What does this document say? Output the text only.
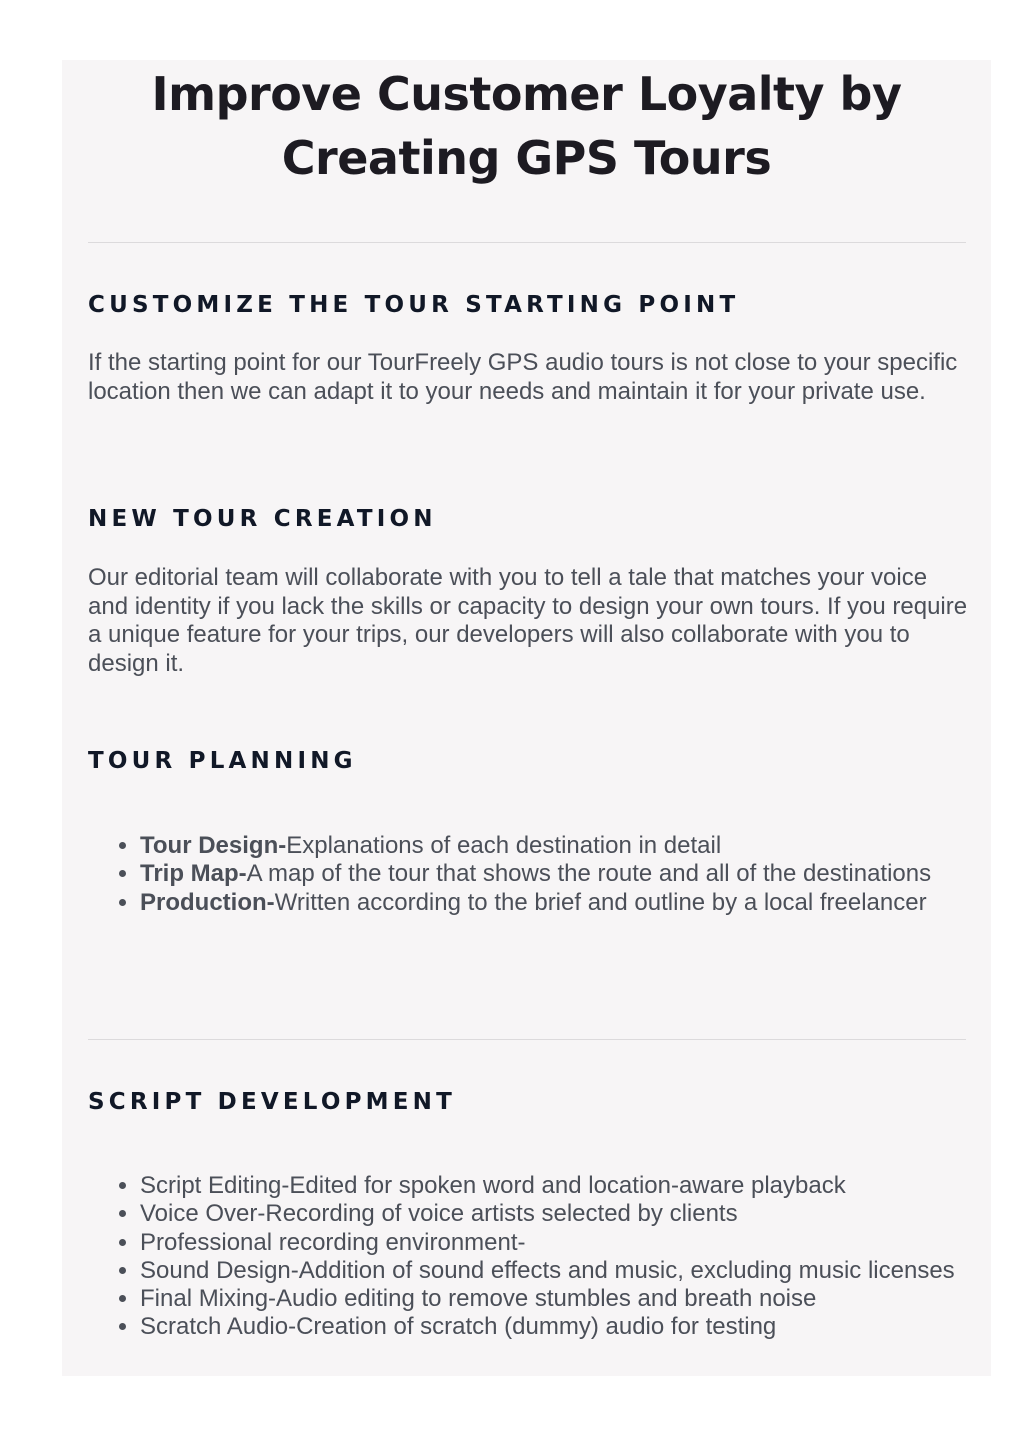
Improve Customer Loyalty by Creating GPS Tours
CUSTOMIZE THE TOUR STARTING POINT

If the starting point for our TourFreely GPS audio tours is not close to your specific location then we can adapt it to your needs and maintain it for your private use.

NEW TOUR CREATION

Our editorial team will collaborate with you to tell a tale that matches your voice and identity if you lack the skills or capacity to design your own tours. If you require a unique feature for your trips, our developers will also collaborate with you to design it.

TOUR PLANNING
• Tour Design-Explanations of each destination in detail
• Trip Map-A map of the tour that shows the route and all of the destinations
• Production-Written according to the brief and outline by a local freelancer
SCRIPT DEVELOPMENT
• Script Editing-Edited for spoken word and location-aware playback
• Voice Over-Recording of voice artists selected by clients
• Professional recording environment-
• Sound Design-Addition of sound effects and music, excluding music licenses
• Final Mixing-Audio editing to remove stumbles and breath noise
• Scratch Audio-Creation of scratch (dummy) audio for testing
